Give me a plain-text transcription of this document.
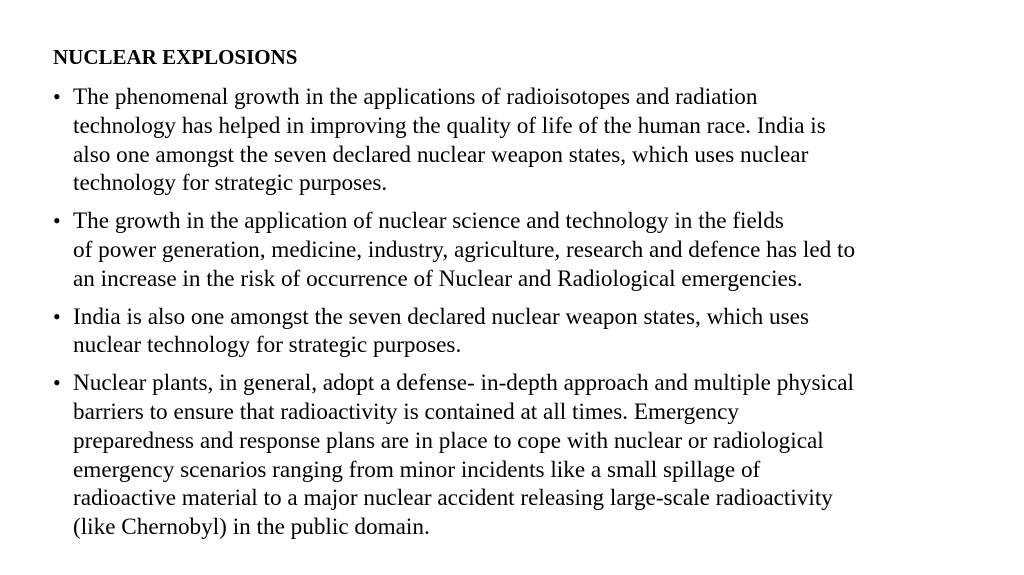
NUCLEAR EXPLOSIONS
• The phenomenal growth in the applications of radioisotopes and radiation
technology has helped in improving the quality of life of the human race. India is
also one amongst the seven declared nuclear weapon states, which uses nuclear
technology for strategic purposes.
• The growth in the application of nuclear science and technology in the fields
of power generation, medicine, industry, agriculture, research and defence has led to
an increase in the risk of occurrence of Nuclear and Radiological emergencies.
• India is also one amongst the seven declared nuclear weapon states, which uses
nuclear technology for strategic purposes.
• Nuclear plants, in general, adopt a defense- in-depth approach and multiple physical
barriers to ensure that radioactivity is contained at all times. Emergency
preparedness and response plans are in place to cope with nuclear or radiological
emergency scenarios ranging from minor incidents like a small spillage of
radioactive material to a major nuclear accident releasing large-scale radioactivity
(like Chernobyl) in the public domain.
